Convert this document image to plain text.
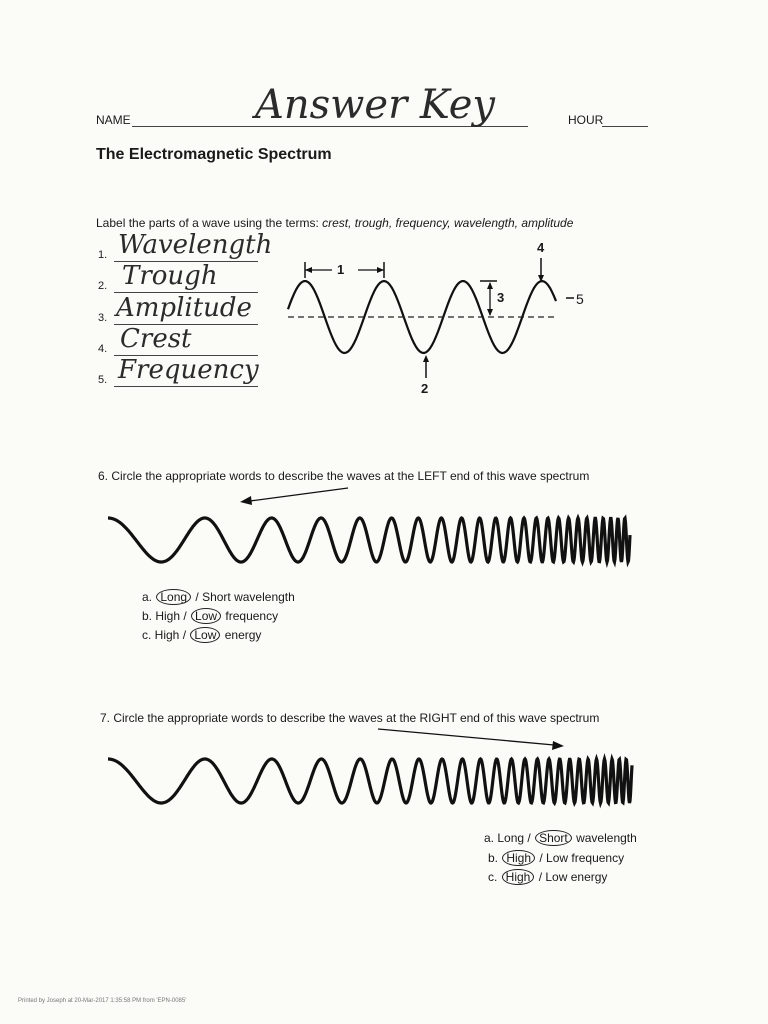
NAME	Answer Key	HOUR
The Electromagnetic Spectrum
Label the parts of a wave using the terms: crest, trough, frequency, wavelength, amplitude
1. Wavelength
2. Trough
3. Amplitude
4. Crest
5. Frequency
1
2
3
4
5
6. Circle the appropriate words to describe the waves at the LEFT end of this wave spectrum
a. Long / Short wavelength
b. High / Low frequency
c. High / Low energy
7. Circle the appropriate words to describe the waves at the RIGHT end of this wave spectrum
a. Long / Short wavelength
b. High / Low frequency
c. High / Low energy
Printed by Joseph at 20-Mar-2017 1:35:58 PM from 'EPN-0085'
